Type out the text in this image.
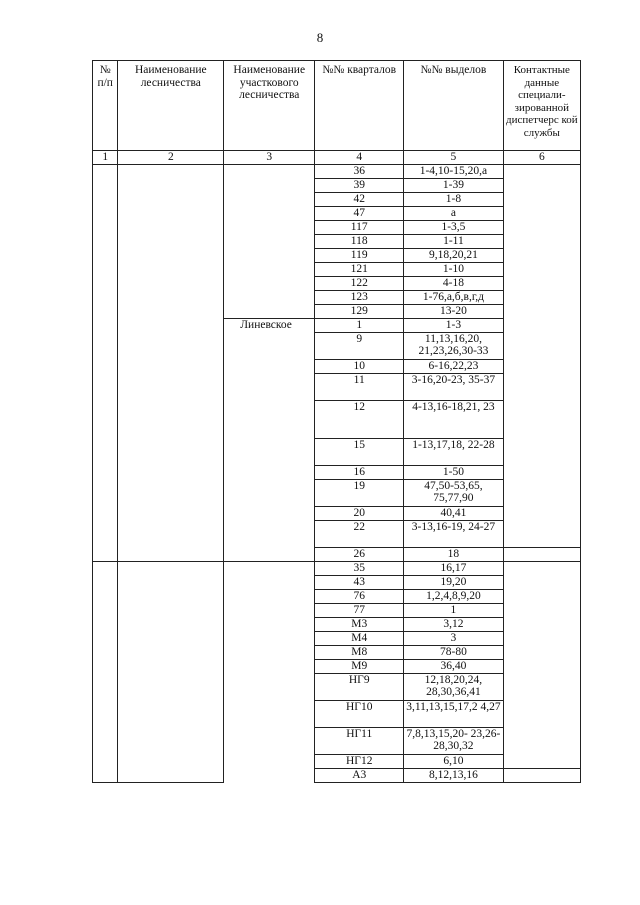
8
№ п/п	Наименование лесничества	Наименование участкового лесничества	№№ кварталов	№№ выделов	Контактные данные специали-зированной диспетчерс кой службы
1	2	3	4	5	6
			36	1-4,10-15,20,а	
			39	1-39	
			42	1-8	
			47	а	
			117	1-3,5	
			118	1-11	
			119	9,18,20,21	
			121	1-10	
			122	4-18	
			123	1-76,а,б,в,г,д	
			129	13-20	
		Линевское	1	1-3	
			9	11,13,16,20, 21,23,26,30-33	
			10	6-16,22,23	
			11	3-16,20-23, 35-37	
			12	4-13,16-18,21, 23	
			15	1-13,17,18, 22-28	
			16	1-50	
			19	47,50-53,65, 75,77,90	
			20	40,41	
			22	3-13,16-19, 24-27	
			26	18	
			35	16,17	
			43	19,20	
			76	1,2,4,8,9,20	
			77	1	
			М3	3,12	
			М4	3	
			М8	78-80	
			М9	36,40	
			НГ9	12,18,20,24, 28,30,36,41	
			НГ10	3,11,13,15,17,2 4,27	
			НГ11	7,8,13,15,20- 23,26-28,30,32	
			НГ12	6,10	
			А3	8,12,13,16	
